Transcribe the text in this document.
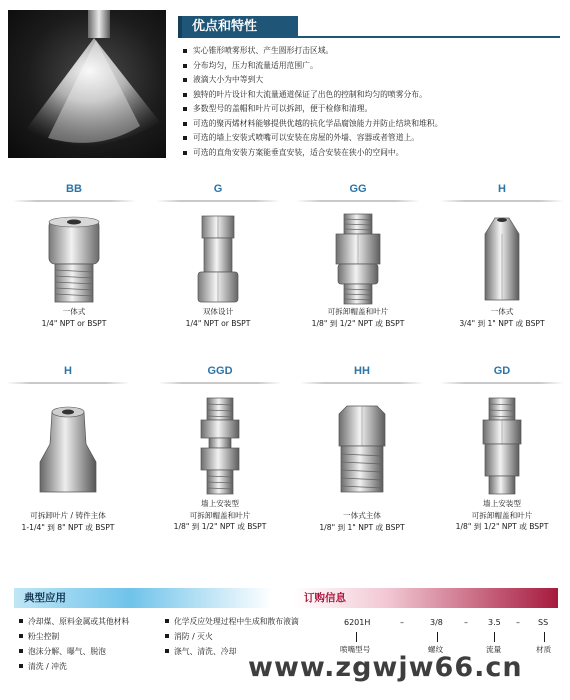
优点和特性
实心锥形喷雾形状、产生圆形打击区域。
分布均匀，压力和流量适用范围广。
液滴大小为中等到大
独特的叶片设计和大流量通道保证了出色的控制和均匀的喷雾分布。
多数型号的盖帽和叶片可以拆卸，便于检修和清理。
可选的聚丙烯材料能够提供优越的抗化学品腐蚀能力并防止结块和堆积。
可选的墙上安装式喷嘴可以安装在房屋的外墙、容器或者管道上。
可选的直角安装方案能垂直安装，适合安装在狭小的空间中。
BB
一体式
1/4" NPT or BSPT
G
双体设计
1/4" NPT or BSPT
GG
可拆卸帽盖和叶片
1/8" 到 1/2" NPT 或 BSPT
H
一体式
3/4" 到 1" NPT 或 BSPT
H
可拆卸叶片 / 铸件主体
1-1/4" 到 8" NPT 或 BSPT
GGD
墙上安装型
可拆卸帽盖和叶片
1/8" 到 1/2" NPT 或 BSPT
HH
一体式主体
1/8" 到 1" NPT 或 BSPT
GD
墙上安装型
可拆卸帽盖和叶片
1/8" 到 1/2" NPT 或 BSPT
典型应用
冷却煤、原料金属或其他材料
粉尘控制
泡沫分解、曝气、脱泡
清洗 / 冲洗
化学反应处理过程中生成和散布液滴
消防 / 灭火
涤气、清洗、冷却
订购信息
6201H	–	3/8	–	3.5 – SS
喷嘴型号	螺纹	流量	材质
www.zgwjw66.cn
